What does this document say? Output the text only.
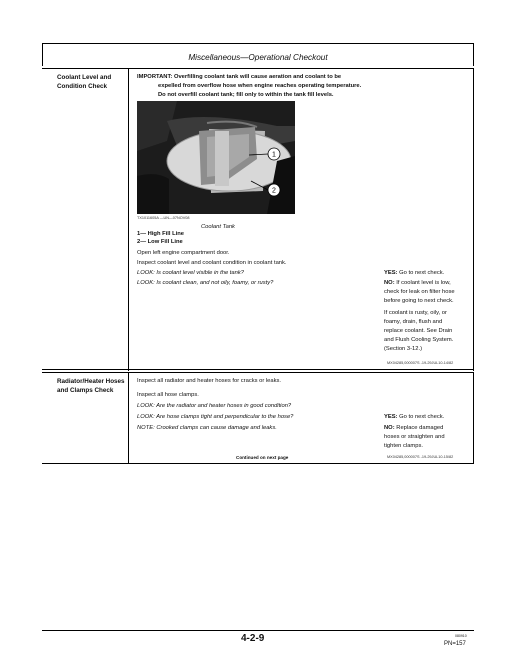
Miscellaneous—Operational Checkout
Coolant Level and Condition Check
IMPORTANT: Overfilling coolant tank will cause aeration and coolant to be
expelled from overflow hose when engine reaches operating temperature.
Do not overfill coolant tank; fill only to within the tank fill levels.
1
2
TX1011605A —UN—07NOV08
Coolant Tank
1— High Fill Line
2— Low Fill Line
Open left engine compartment door.
Inspect coolant level and coolant condition in coolant tank.
LOOK: Is coolant level visible in the tank?
LOOK: Is coolant clean, and not oily, foamy, or rusty?
YES: Go to next check.
NO: If coolant level is low,
check for leak on filter hose
before going to next check.
If coolant is rusty, oily, or
foamy, drain, flush and
replace coolant. See Drain
and Flush Cooling System.
(Section 3-12.)
MX04285,000007S -19-29JUL10-14/82
Radiator/Heater Hoses and Clamps Check
Inspect all radiator and heater hoses for cracks or leaks.
Inspect all hose clamps.
LOOK: Are the radiator and heater hoses in good condition?
LOOK: Are hose clamps tight and perpendicular to the hose?
NOTE: Crooked clamps can cause damage and leaks.
YES: Go to next check.
NO: Replace damaged
hoses or straighten and
tighten clamps.
Continued on next page	MX04285,000007S -19-29JUL10-15/82
4-2-9	080910
PN=157
